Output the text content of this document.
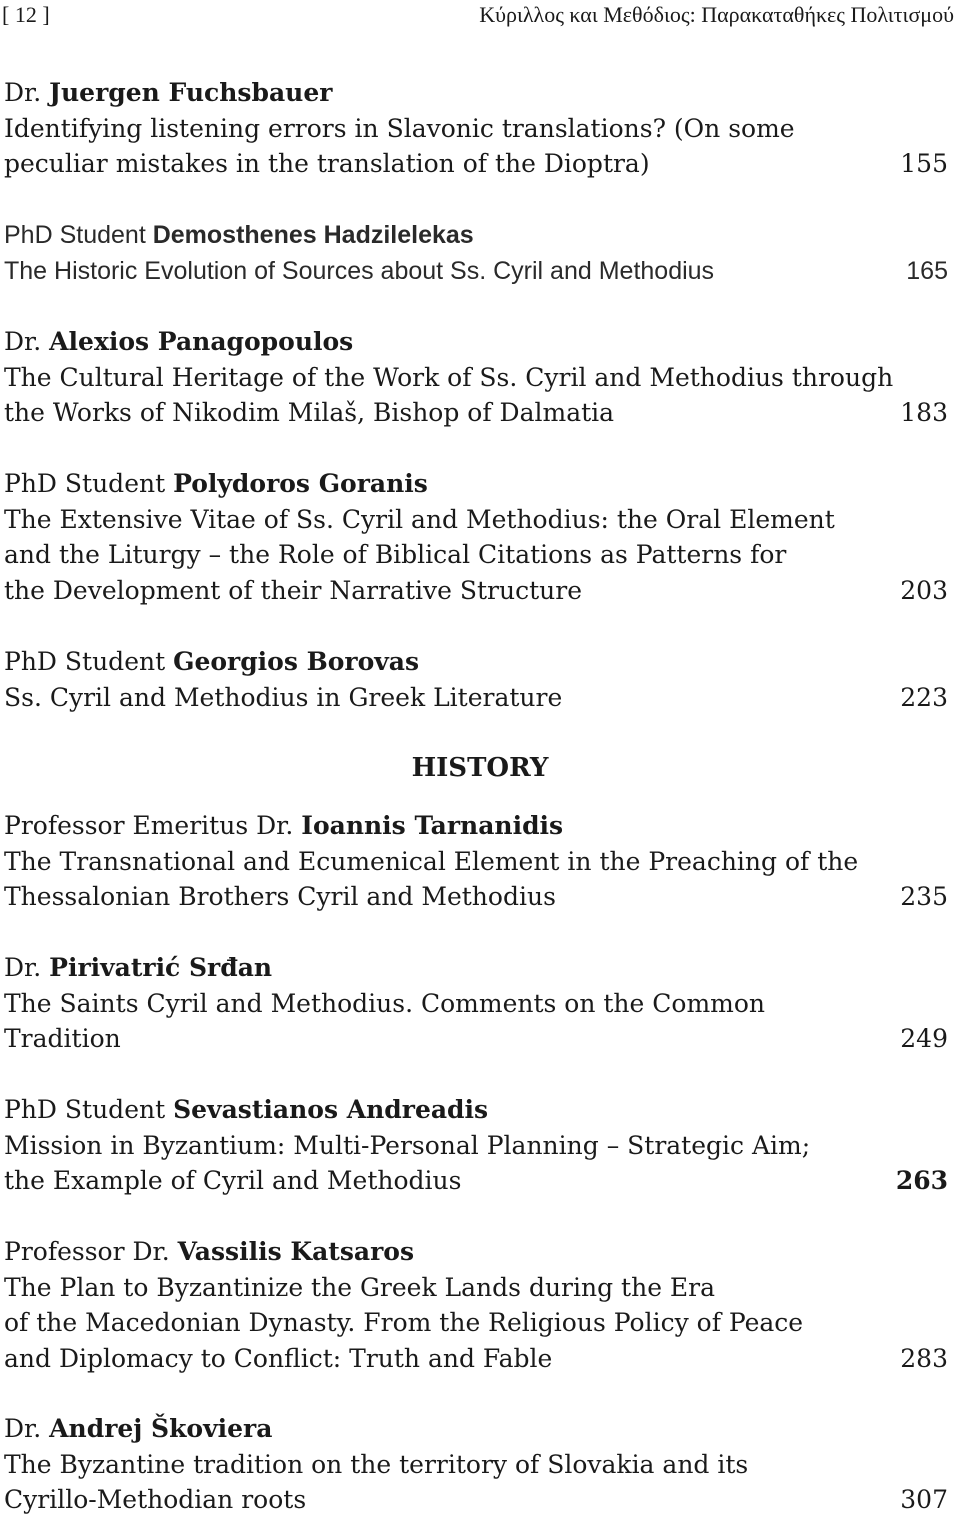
[ 12 ]	Κύριλλος και Μεθόδιος: Παρακαταθήκες Πολιτισμού
Dr. Juergen Fuchsbauer
Identifying listening errors in Slavonic translations? (On some
peculiar mistakes in the translation of the Dioptra)	155
PhD Student Demosthenes Hadzilelekas
The Historic Evolution of Sources about Ss. Cyril and Methodius	165
Dr. Alexios Panagopoulos
The Cultural Heritage of the Work of Ss. Cyril and Methodius through
the Works of Nikodim Milaš, Bishop of Dalmatia	183
PhD Student Polydoros Goranis
The Extensive Vitae of Ss. Cyril and Methodius: the Oral Element
and the Liturgy – the Role of Biblical Citations as Patterns for
the Development of their Narrative Structure	203
PhD Student Georgios Borovas
Ss. Cyril and Methodius in Greek Literature	223
HISTORY
Professor Emeritus Dr. Ioannis Tarnanidis
The Transnational and Ecumenical Element in the Preaching of the
Thessalonian Brothers Cyril and Methodius	235
Dr. Pirivatrić Srđan
The Saints Cyril and Methodius. Comments on the Common
Tradition	249
PhD Student Sevastianos Andreadis
Mission in Byzantium: Multi-Personal Planning – Strategic Aim;
the Example of Cyril and Methodius	263
Professor Dr. Vassilis Katsaros
The Plan to Byzantinize the Greek Lands during the Era
of the Macedonian Dynasty. From the Religious Policy of Peace
and Diplomacy to Conflict: Truth and Fable	283
Dr. Andrej Škoviera
The Byzantine tradition on the territory of Slovakia and its
Cyrillo-Methodian roots	307
